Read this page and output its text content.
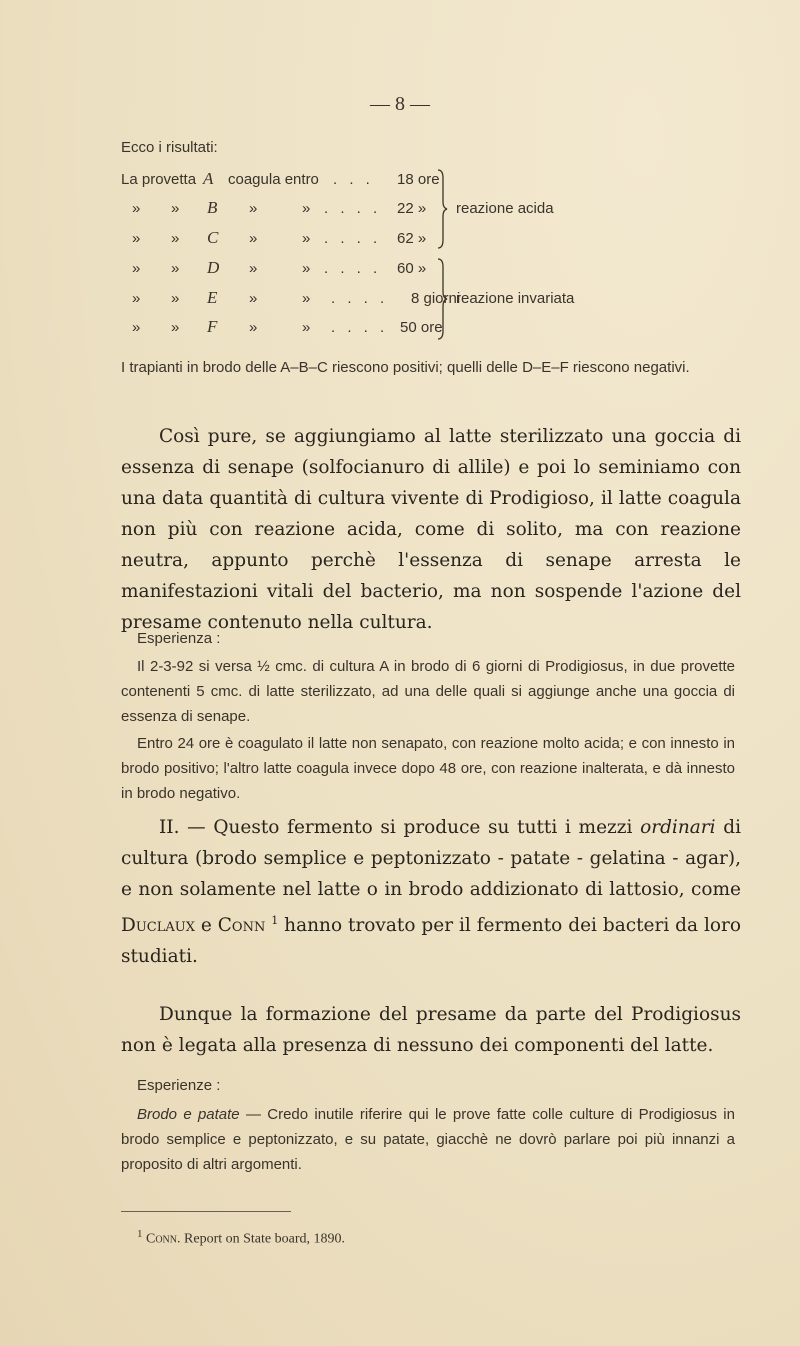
— 8 —
Ecco i risultati:
La provetta A coagula entro . . . 18 ore
» » B »	» . . . . 22 »
» » C »	» . . . . 62 »
» » D »	» . . . . 60 »
» » E »	» . . . . 8 giorni
» » F »	» . . . . 50 ore
reazione acida
reazione invariata
I trapianti in brodo delle A–B–C riescono positivi; quelli delle D–E–F riescono negativi.
Così pure, se aggiungiamo al latte sterilizzato una goccia di essenza di senape (solfocianuro di allile) e poi lo seminiamo con una data quantità di cultura vivente di Prodigioso, il latte coagula non più con reazione acida, come di solito, ma con reazione neutra, appunto perchè l'essenza di senape arresta le manifestazioni vitali del bacterio, ma non sospende l'azione del presame contenuto nella cultura.
Esperienza :
Il 2-3-92 si versa ½ cmc. di cultura A in brodo di 6 giorni di Prodigiosus, in due provette contenenti 5 cmc. di latte sterilizzato, ad una delle quali si aggiunge anche una goccia di essenza di senape.
Entro 24 ore è coagulato il latte non senapato, con reazione molto acida; e con innesto in brodo positivo; l'altro latte coagula invece dopo 48 ore, con reazione inalterata, e dà innesto in brodo negativo.
II. — Questo fermento si produce su tutti i mezzi ordinari di cultura (brodo semplice e peptonizzato - patate - gelatina - agar), e non solamente nel latte o in brodo addizionato di lattosio, come Duclaux e Conn $^1$ hanno trovato per il fermento dei bacteri da loro studiati.
Dunque la formazione del presame da parte del Prodigiosus non è legata alla presenza di nessuno dei componenti del latte.
Esperienze :
Brodo e patate — Credo inutile riferire qui le prove fatte colle culture di Prodigiosus in brodo semplice e peptonizzato, e su patate, giacchè ne dovrò parlare poi più innanzi a proposito di altri argomenti.
$^1$ Conn. Report on State board, 1890.
